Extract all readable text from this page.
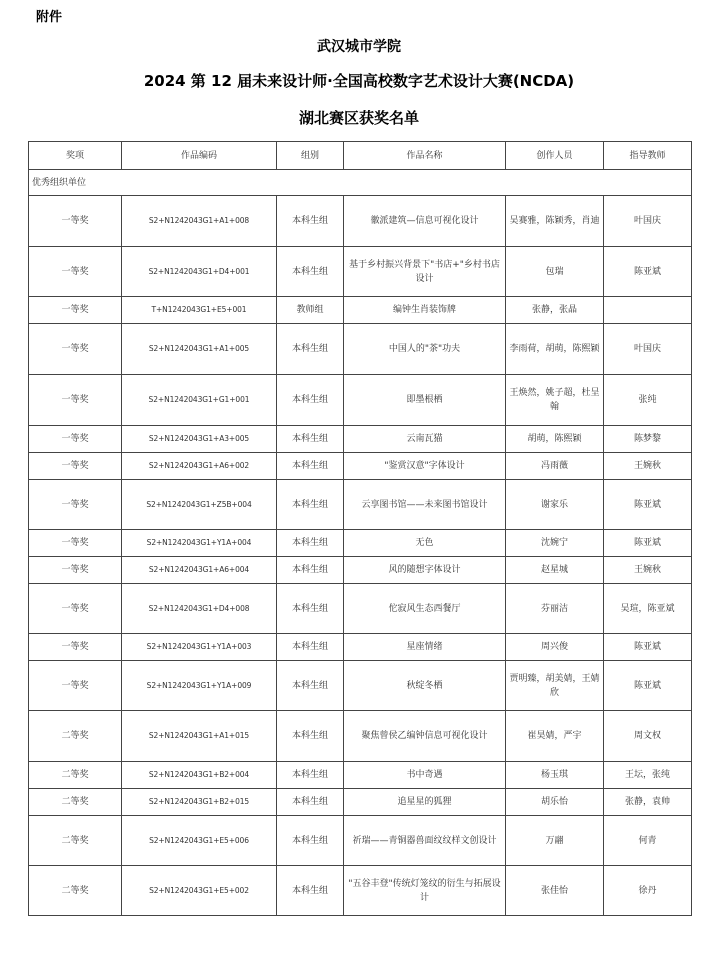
附件
武汉城市学院
2024 第 12 届未来设计师·全国高校数字艺术设计大赛(NCDA)
湖北赛区获奖名单
奖项	作品编码	组别	作品名称	创作人员	指导教师
优秀组织单位					
一等奖	S2+N1242043G1+A1+008	本科生组	徽派建筑—信息可视化设计	吴赛雅，陈颖秀，肖迪	叶国庆
一等奖	S2+N1242043G1+D4+001	本科生组	基于乡村振兴背景下"书店+"乡村书店设计	包瑞	陈亚斌
一等奖	T+N1242043G1+E5+001	教师组	编钟生肖装饰牌	张静，张晶	
一等奖	S2+N1242043G1+A1+005	本科生组	中国人的"茶"功夫	李雨荷，胡萌，陈熙颖	叶国庆
一等奖	S2+N1242043G1+G1+001	本科生组	即墨根栖	王焕然，姚子超，杜呈翰	张纯
一等奖	S2+N1242043G1+A3+005	本科生组	云南瓦猫	胡萌，陈熙颖	陈梦黎
一等奖	S2+N1242043G1+A6+002	本科生组	"鉴赏汉意"字体设计	冯雨薇	王婉秋
一等奖	S2+N1242043G1+Z5B+004	本科生组	云享图书馆——未来图书馆设计	谢家乐	陈亚斌
一等奖	S2+N1242043G1+Y1A+004	本科生组	无色	沈婉宁	陈亚斌
一等奖	S2+N1242043G1+A6+004	本科生组	风的随想字体设计	赵星城	王婉秋
一等奖	S2+N1242043G1+D4+008	本科生组	佗寂风生态西餐厅	芬丽洁	吴瑄，陈亚斌
一等奖	S2+N1242043G1+Y1A+003	本科生组	星座情绪	周兴俊	陈亚斌
一等奖	S2+N1242043G1+Y1A+009	本科生组	秋绽冬栖	贾明臻，胡美婧，王婧欣	陈亚斌
二等奖	S2+N1242043G1+A1+015	本科生组	聚焦曾侯乙编钟信息可视化设计	崔昊婧，严宇	周文权
二等奖	S2+N1242043G1+B2+004	本科生组	书中奇遇	杨玉琪	王坛，张纯
二等奖	S2+N1242043G1+B2+015	本科生组	追星星的狐狸	胡乐怡	张静，袁帅
二等奖	S2+N1242043G1+E5+006	本科生组	祈瑞——青铜器兽面纹纹样文创设计	万翮	何青
二等奖	S2+N1242043G1+E5+002	本科生组	"五谷丰登"传统灯笼纹的衍生与拓展设计	张佳怡	徐丹
